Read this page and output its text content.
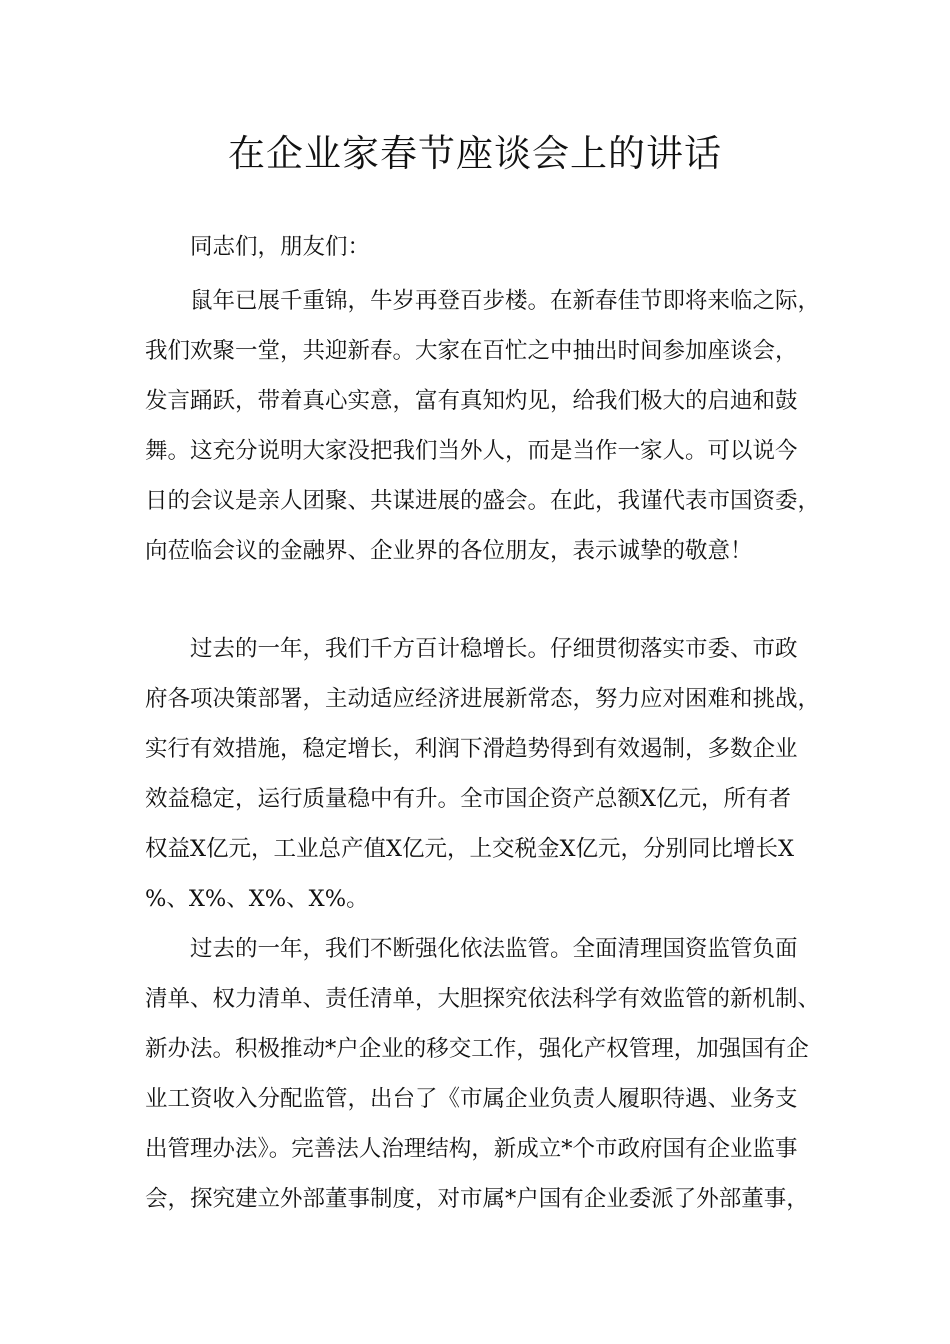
在企业家春节座谈会上的讲话
同志们，朋友们：
鼠年已展千重锦，牛岁再登百步楼。在新春佳节即将来临之际，
我们欢聚一堂，共迎新春。大家在百忙之中抽出时间参加座谈会，
发言踊跃，带着真心实意，富有真知灼见，给我们极大的启迪和鼓
舞。这充分说明大家没把我们当外人，而是当作一家人。可以说今
日的会议是亲人团聚、共谋进展的盛会。在此，我谨代表市国资委，
向莅临会议的金融界、企业界的各位朋友，表示诚挚的敬意！
过去的一年，我们千方百计稳增长。仔细贯彻落实市委、市政
府各项决策部署，主动适应经济进展新常态，努力应对困难和挑战，
实行有效措施，稳定增长，利润下滑趋势得到有效遏制，多数企业
效益稳定，运行质量稳中有升。全市国企资产总额X亿元，所有者
权益X亿元，工业总产值X亿元，上交税金X亿元，分别同比增长X
%、X%、X%、X%。
过去的一年，我们不断强化依法监管。全面清理国资监管负面
清单、权力清单、责任清单，大胆探究依法科学有效监管的新机制、
新办法。积极推动*户企业的移交工作，强化产权管理，加强国有企
业工资收入分配监管，出台了《市属企业负责人履职待遇、业务支
出管理办法》。完善法人治理结构，新成立*个市政府国有企业监事
会，探究建立外部董事制度，对市属*户国有企业委派了外部董事，
